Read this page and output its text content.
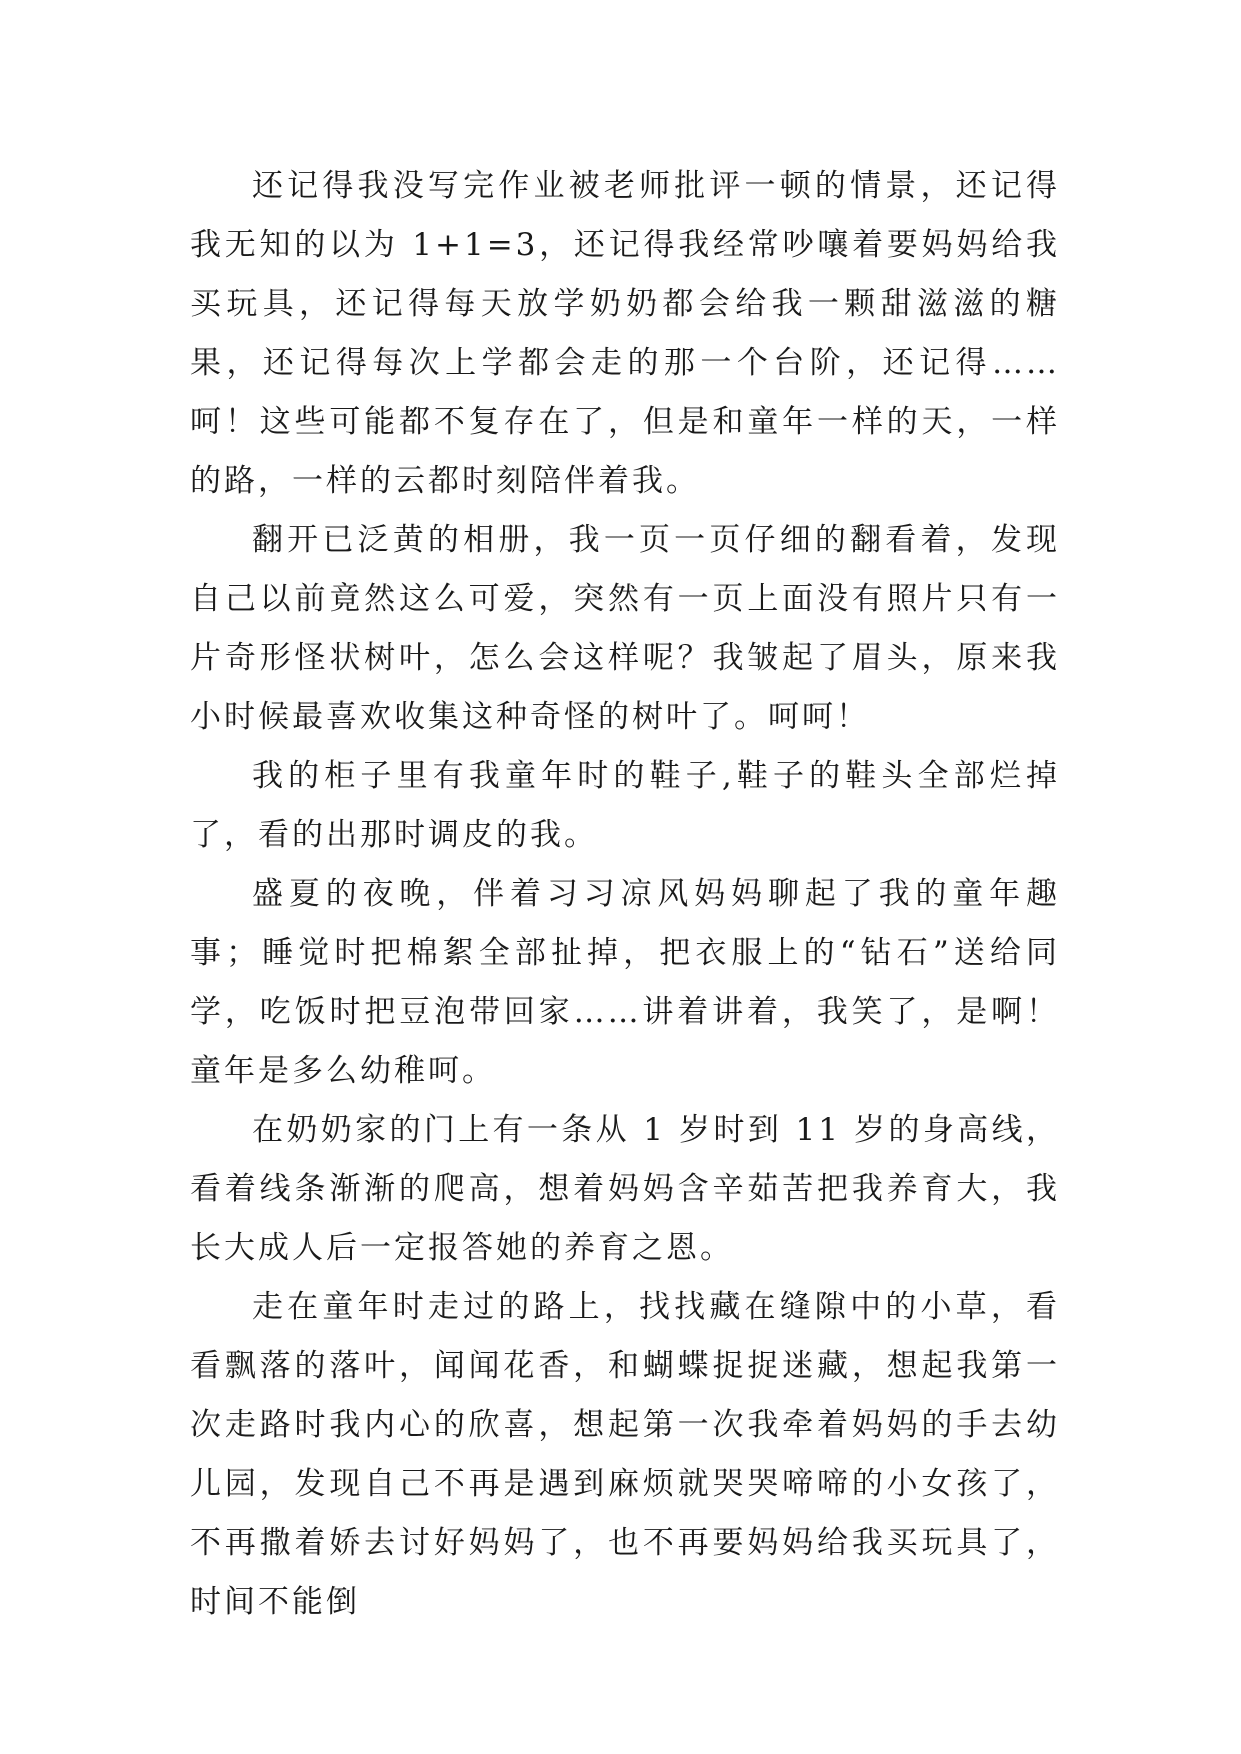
还记得我没写完作业被老师批评一顿的情景，还记得我无知的以为 1+1=3，还记得我经常吵嚷着要妈妈给我买玩具，还记得每天放学奶奶都会给我一颗甜滋滋的糖果，还记得每次上学都会走的那一个台阶，还记得……呵！这些可能都不复存在了，但是和童年一样的天，一样的路，一样的云都时刻陪伴着我。

翻开已泛黄的相册，我一页一页仔细的翻看着，发现自己以前竟然这么可爱，突然有一页上面没有照片只有一片奇形怪状树叶，怎么会这样呢？我皱起了眉头，原来我小时候最喜欢收集这种奇怪的树叶了。呵呵！

我的柜子里有我童年时的鞋子,鞋子的鞋头全部烂掉了，看的出那时调皮的我。

盛夏的夜晚，伴着习习凉风妈妈聊起了我的童年趣事；睡觉时把棉絮全部扯掉，把衣服上的“钻石”送给同学，吃饭时把豆泡带回家……讲着讲着，我笑了，是啊！童年是多么幼稚呵。

在奶奶家的门上有一条从 1 岁时到 11 岁的身高线，看着线条渐渐的爬高，想着妈妈含辛茹苦把我养育大，我长大成人后一定报答她的养育之恩。

走在童年时走过的路上，找找藏在缝隙中的小草，看看飘落的落叶，闻闻花香，和蝴蝶捉捉迷藏，想起我第一次走路时我内心的欣喜，想起第一次我牵着妈妈的手去幼儿园，发现自己不再是遇到麻烦就哭哭啼啼的小女孩了，不再撒着娇去讨好妈妈了，也不再要妈妈给我买玩具了，时间不能倒
